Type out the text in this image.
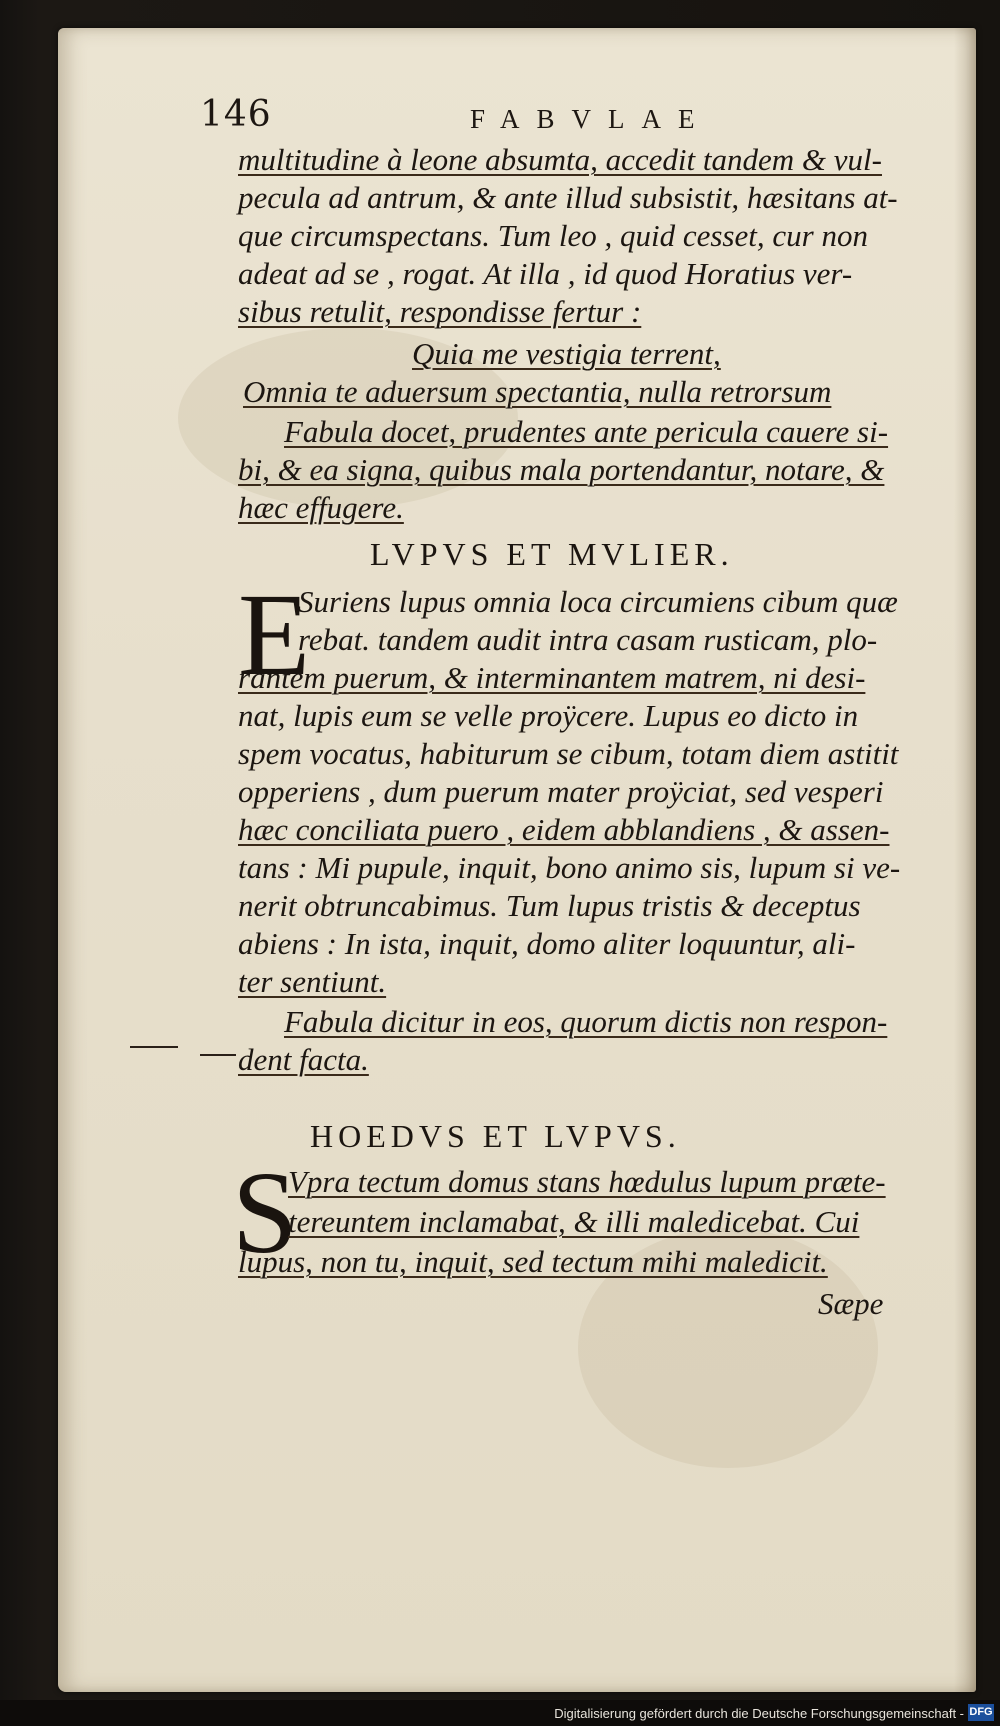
146	FABVLAE
multitudine à leone absumta, accedit tandem & vul-
pecula ad antrum, & ante illud subsistit, hæsitans at-
que circumspectans. Tum leo , quid cesset, cur non
adeat ad se , rogat. At illa , id quod Horatius ver-
sibus retulit, respondisse fertur :
Quia me vestigia terrent,
Omnia te aduersum spectantia, nulla retrorsum
Fabula docet, prudentes ante pericula cauere si-
bi, & ea signa, quibus mala portendantur, notare, &
hæc effugere.
LVPVS ET MVLIER.
E
Suriens lupus omnia loca circumiens cibum quæ
rebat. tandem audit intra casam rusticam, plo-
rantem puerum, & interminantem matrem, ni desi-
nat, lupis eum se velle proÿcere. Lupus eo dicto in
spem vocatus, habiturum se cibum, totam diem astitit
opperiens , dum puerum mater proÿciat, sed vesperi
hæc conciliata puero , eidem abblandiens , & assen-
tans : Mi pupule, inquit, bono animo sis, lupum si ve-
nerit obtruncabimus. Tum lupus tristis & deceptus
abiens : In ista, inquit, domo aliter loquuntur, ali-
ter sentiunt.
Fabula dicitur in eos, quorum dictis non respon-
dent facta.
HOEDVS ET LVPVS.
S
Vpra tectum domus stans hœdulus lupum præte-
tereuntem inclamabat, & illi maledicebat. Cui
lupus, non tu, inquit, sed tectum mihi maledicit.
Sæpe
Digitalisierung gefördert durch die Deutsche Forschungsgemeinschaft - DFG
